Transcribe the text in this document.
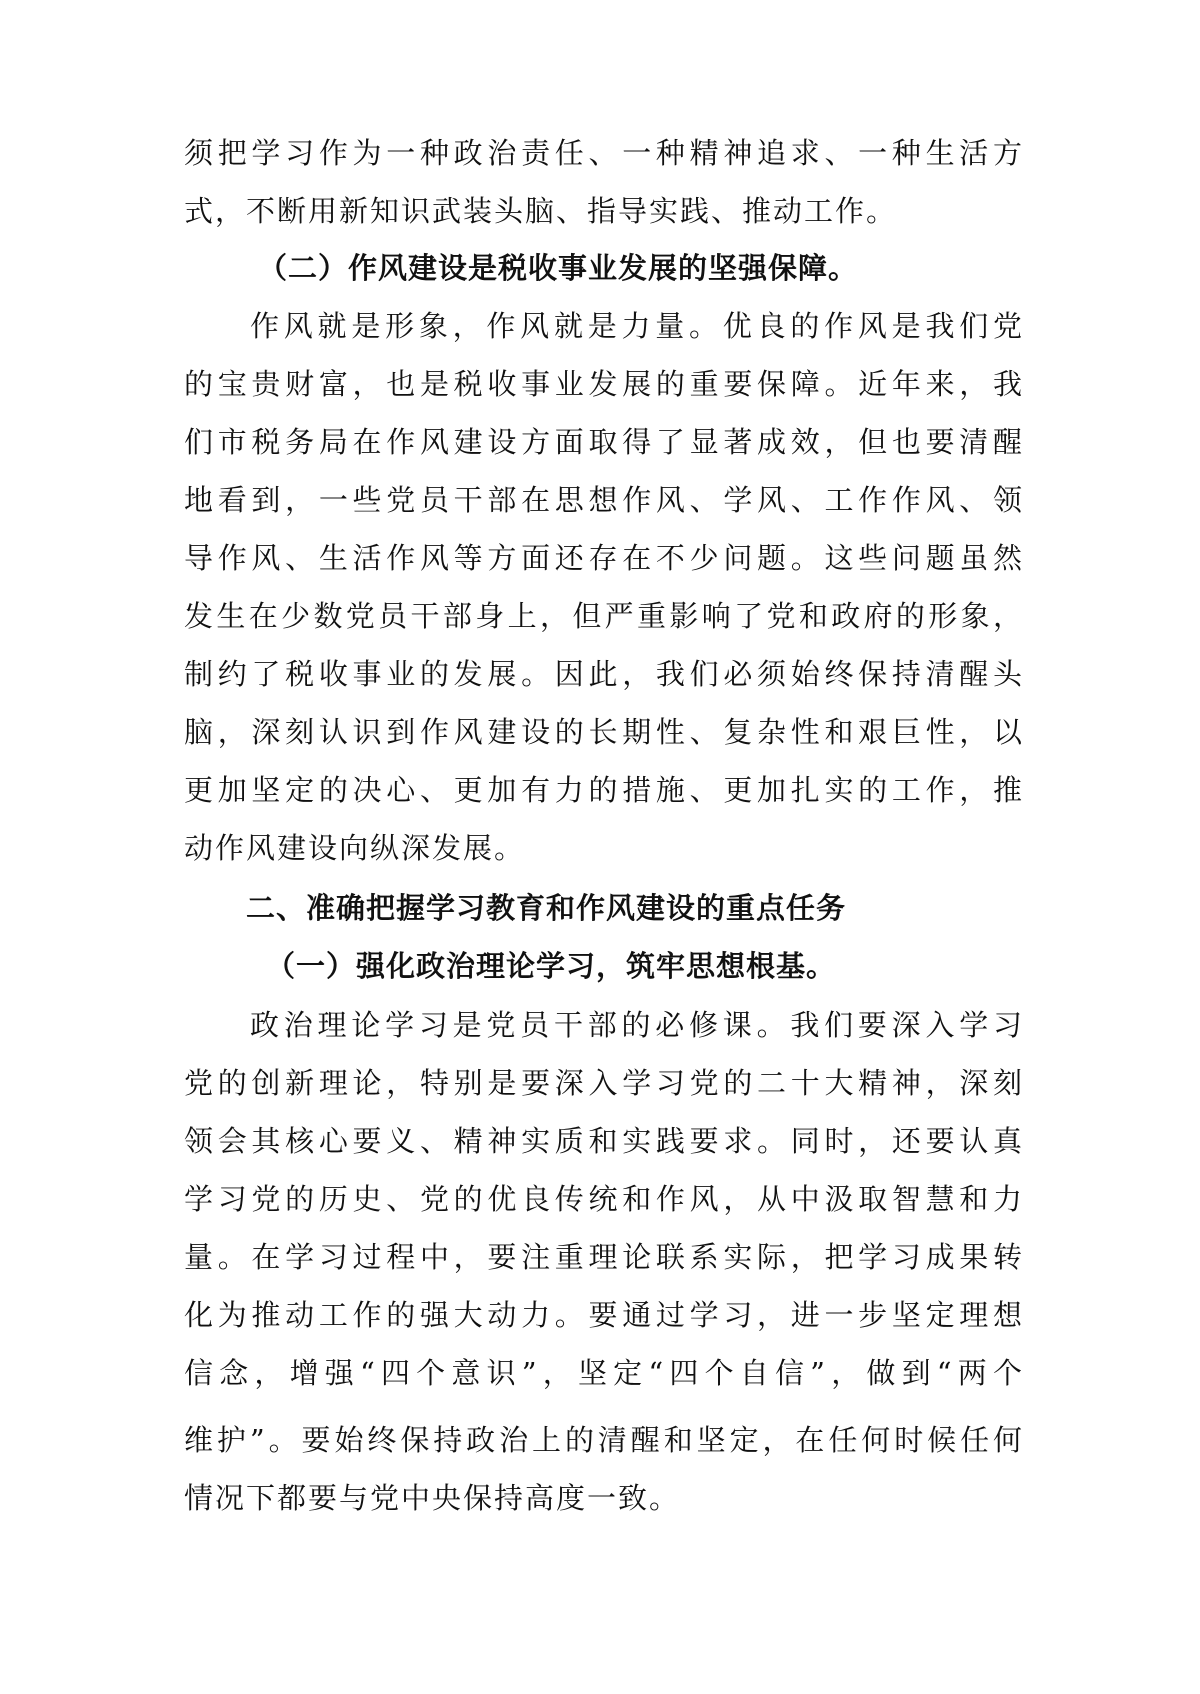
须把学习作为一种政治责任、一种精神追求、一种生活方
式，不断用新知识武装头脑、指导实践、推动工作。
（二）作风建设是税收事业发展的坚强保障。
作风就是形象，作风就是力量。优良的作风是我们党
的宝贵财富，也是税收事业发展的重要保障。近年来，我
们市税务局在作风建设方面取得了显著成效，但也要清醒
地看到，一些党员干部在思想作风、学风、工作作风、领
导作风、生活作风等方面还存在不少问题。这些问题虽然
发生在少数党员干部身上，但严重影响了党和政府的形象，
制约了税收事业的发展。因此，我们必须始终保持清醒头
脑，深刻认识到作风建设的长期性、复杂性和艰巨性，以
更加坚定的决心、更加有力的措施、更加扎实的工作，推
动作风建设向纵深发展。
二、准确把握学习教育和作风建设的重点任务
（一）强化政治理论学习，筑牢思想根基。
政治理论学习是党员干部的必修课。我们要深入学习
党的创新理论，特别是要深入学习党的二十大精神，深刻
领会其核心要义、精神实质和实践要求。同时，还要认真
学习党的历史、党的优良传统和作风，从中汲取智慧和力
量。在学习过程中，要注重理论联系实际，把学习成果转
化为推动工作的强大动力。要通过学习，进一步坚定理想
信念，增强“四个意识”，坚定“四个自信”，做到“两个
维护”。要始终保持政治上的清醒和坚定，在任何时候任何
情况下都要与党中央保持高度一致。
